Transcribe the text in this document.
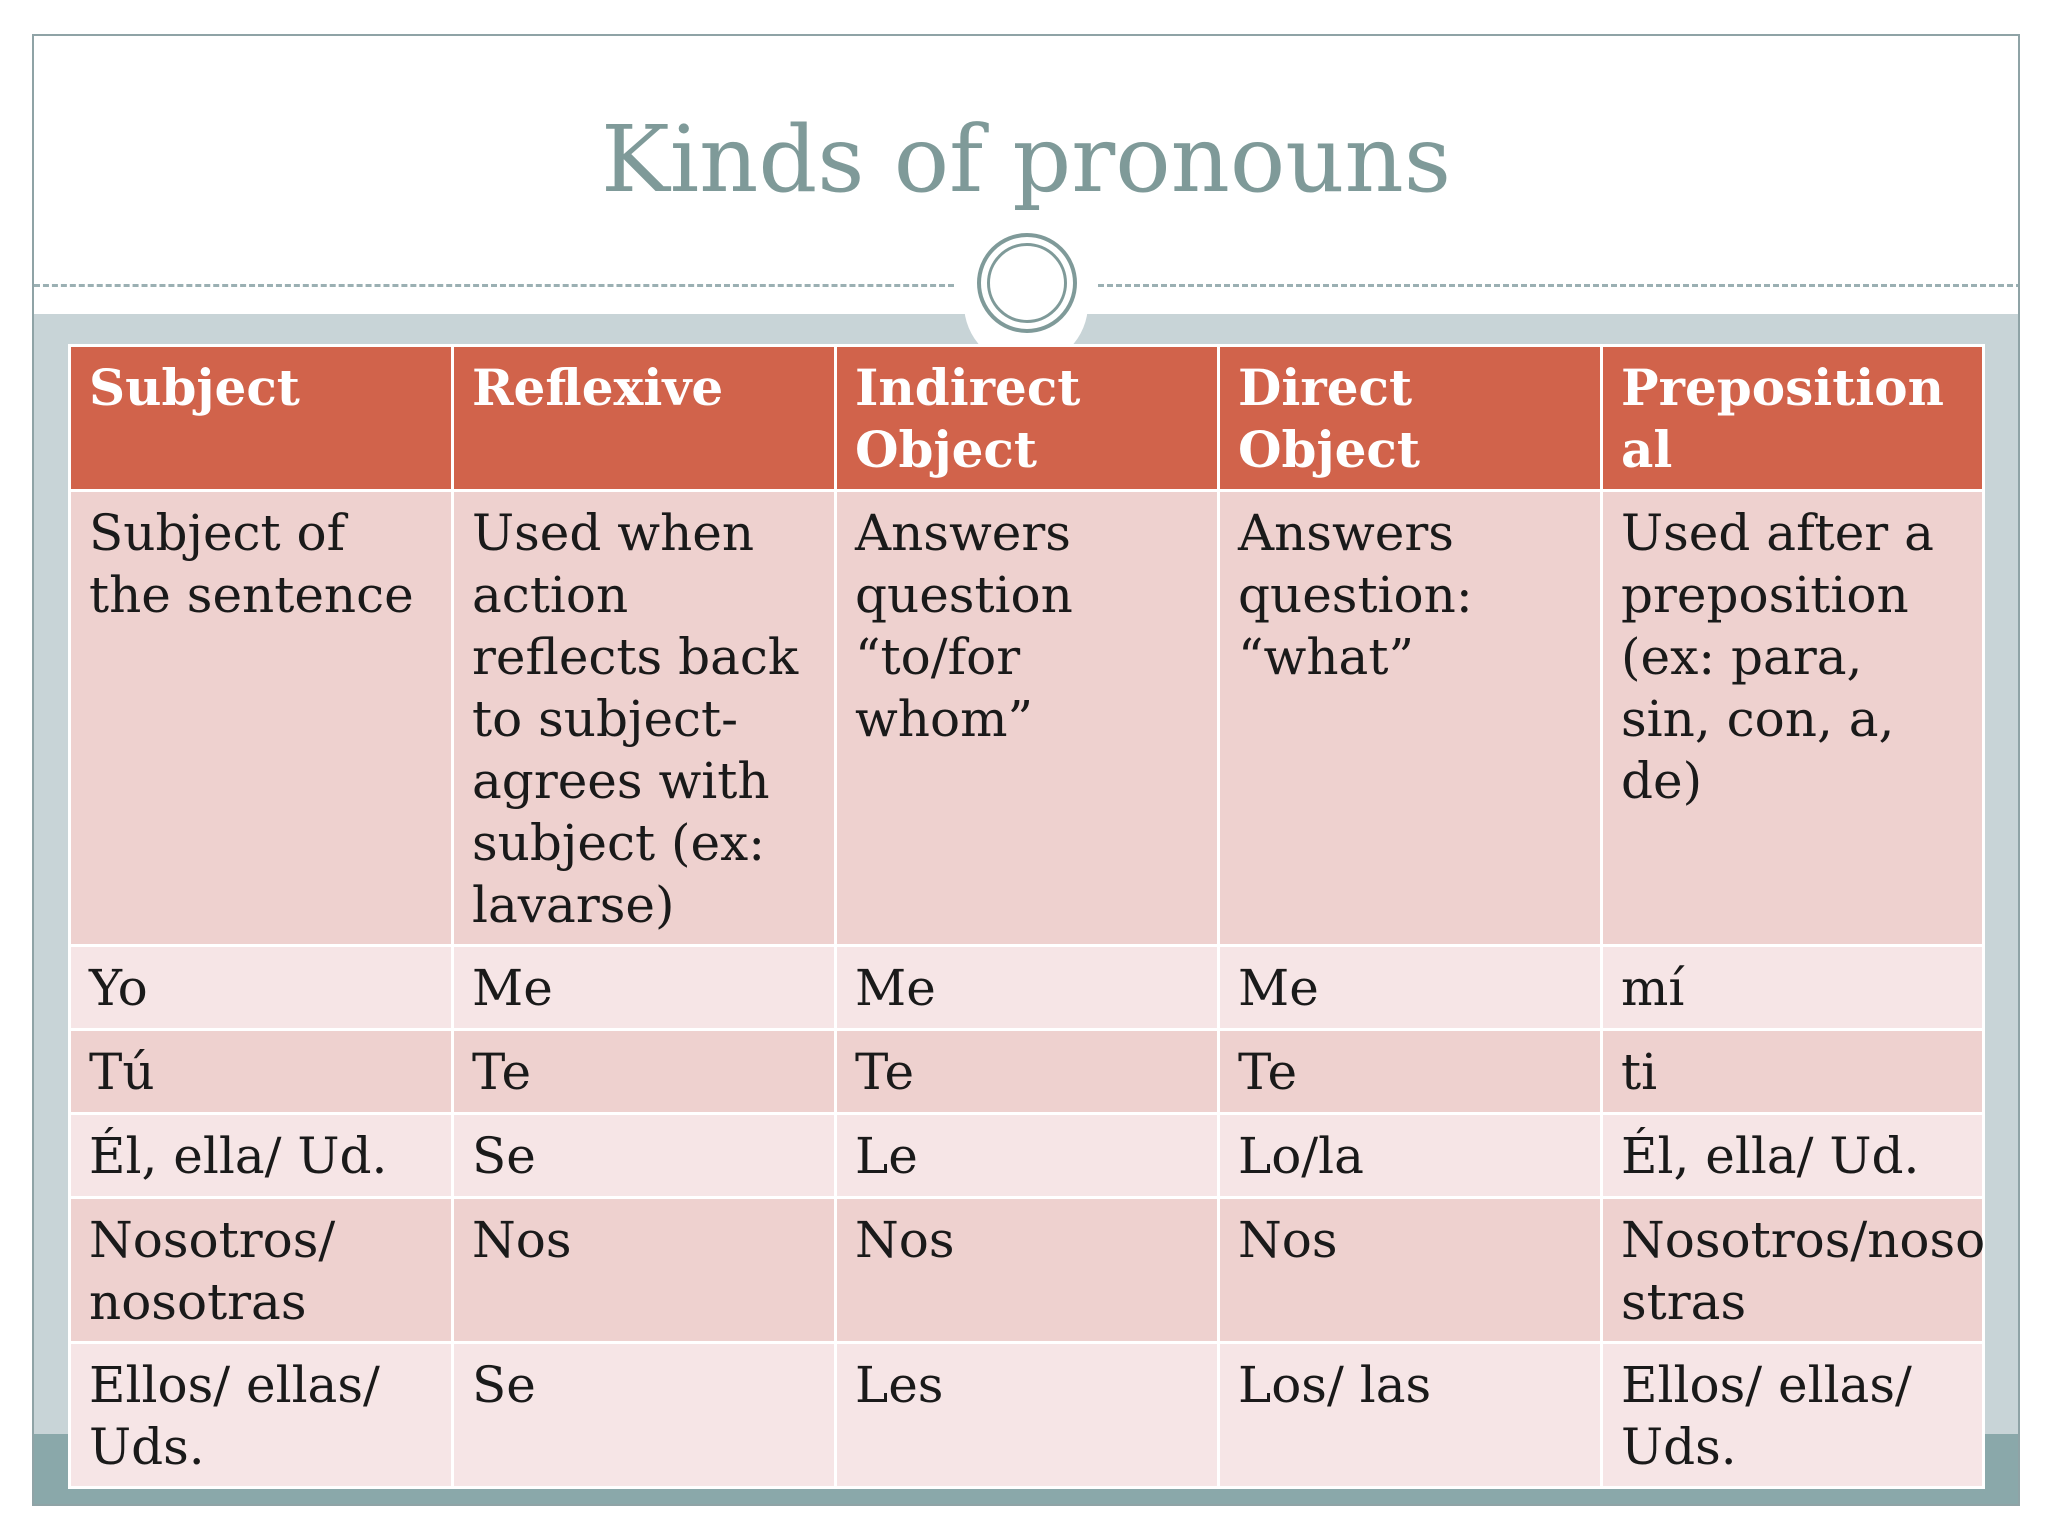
Kinds of pronouns
Subject	Reflexive	Indirect Object	Direct Object	Preposition al
Subject of the sentence	Used when action reflects back to subject- agrees with subject (ex: lavarse)	Answers question “to/for whom”	Answers question: “what”	Used after a preposition (ex: para, sin, con, a, de)
Yo	Me	Me	Me	mí
Tú	Te	Te	Te	ti
Él, ella/ Ud.	Se	Le	Lo/la	Él, ella/ Ud.
Nosotros/ nosotras	Nos	Nos	Nos	Nosotros/noso stras
Ellos/ ellas/ Uds.	Se	Les	Los/ las	Ellos/ ellas/ Uds.
